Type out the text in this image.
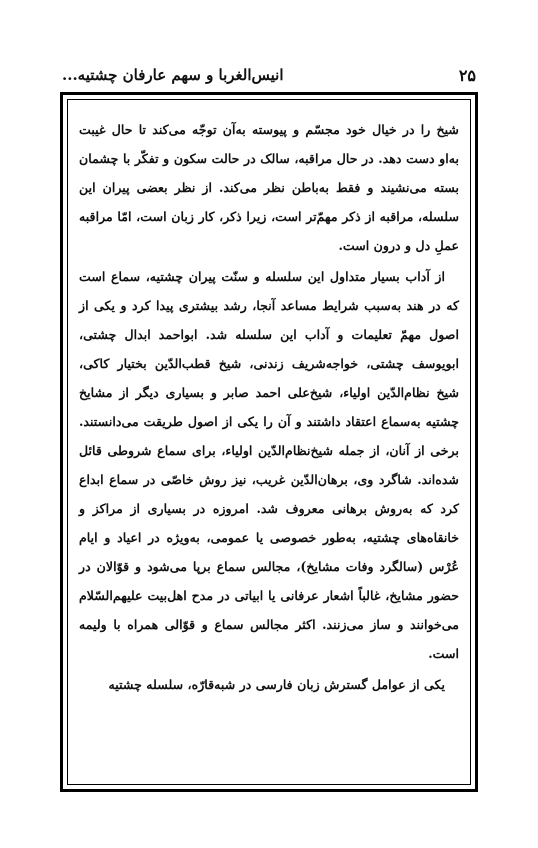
۲۵
انیس‌الغربا و سهم عارفان چشتیه...

شیخ را در خیال خود مجسّم و پیوسته به‌آن توجّه می‌کند تا حال غیبت به‌او دست دهد. در حال مراقبه، سالک در حالت سکون و تفکّر با چشمان بسته می‌نشیند و فقط به‌باطن نظر می‌کند. از نظر بعضی پیران این سلسله، مراقبه از ذکر مهمّ‌تر است، زیرا ذکر، کار زبان است، امّا مراقبه عملِ دل و درون است.

از آداب بسیار متداول این سلسله و سنّت پیران چشتیه، سماع است که در هند به‌سبب شرایط مساعد آنجا، رشد بیشتری پیدا کرد و یکی از اصول مهمّ تعلیمات و آداب این سلسله شد. ابواحمد ابدال چشتی، ابویوسف چشتی، خواجه‌شریف زندنی، شیخ قطب‌الدّین بختیار کاکی، شیخ نظام‌الدّین اولیاء، شیخ‌علی احمد صابر و بسیاری دیگر از مشایخ چشتیه به‌سماع اعتقاد داشتند و آن را یکی از اصول طریقت می‌دانستند. برخی از آنان، از جمله شیخ‌نظام‌الدّین اولیاء، برای سماع شروطی قائل شده‌اند. شاگرد وی، برهان‌الدّین غریب، نیز روش خاصّی در سماع ابداع کرد که به‌روش برهانی معروف شد. امروزه در بسیاری از مراکز و خانقاه‌های چشتیه، به‌طور خصوصی یا عمومی، به‌ویژه در اعیاد و ایام عُرْس (سالگرد وفات مشایخ)، مجالس سماع برپا می‌شود و قوّالان در حضور مشایخ، غالباً اشعار عرفانی یا ابیاتی در مدح اهل‌بیت علیهم‌السّلام می‌خوانند و ساز می‌زنند. اکثر مجالس سماع و قوّالی همراه با ولیمه است.

یکی از عوامل گسترش زبان فارسی در شبه‌قارّه، سلسله چشتیه
